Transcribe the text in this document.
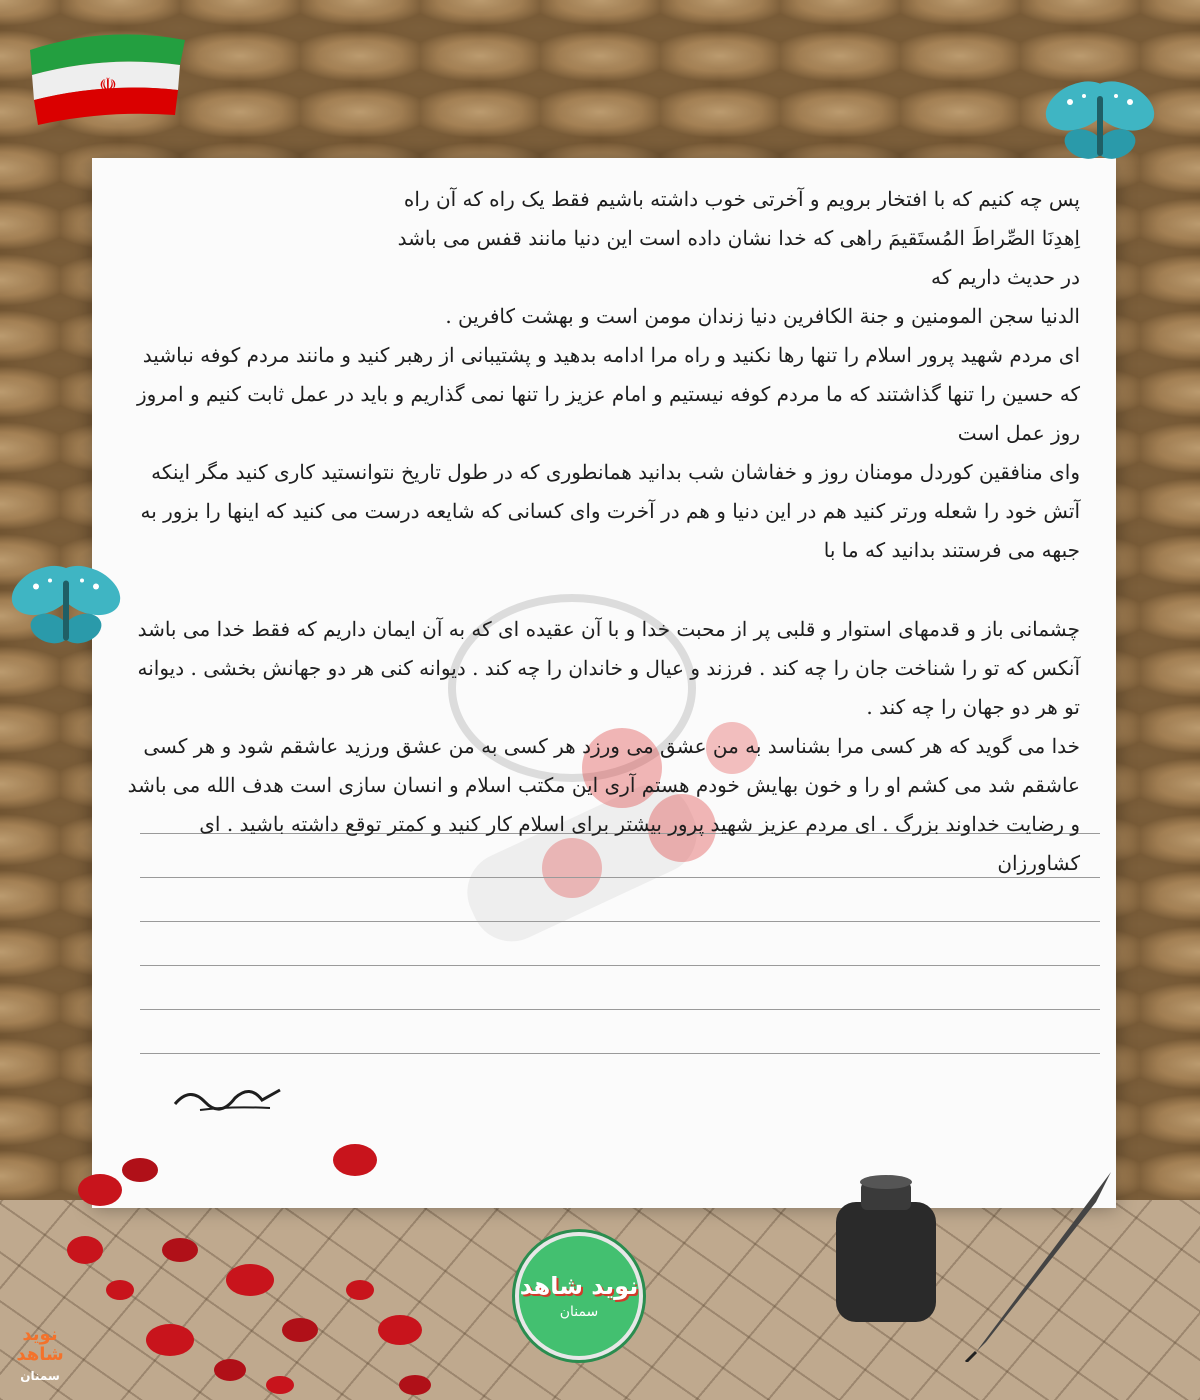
☫

پس چه کنیم که با افتخار برویم و آخرتی خوب داشته باشیم فقط یک راه که آن راه

اِهدِنَا الصِّراطَ المُستَقیمَ راهی که خدا نشان داده است این دنیا مانند قفس می باشد

در حدیث داریم که

الدنیا سجن المومنین و جنة الکافرین دنیا زندان مومن است و بهشت کافرین .

ای مردم شهید پرور اسلام را تنها رها نکنید و راه مرا ادامه بدهید و پشتیبانی از رهبر کنید و مانند مردم کوفه نباشید که حسین را تنها گذاشتند که ما مردم کوفه نیستیم و امام عزیز را تنها نمی گذاریم و باید در عمل ثابت کنیم و امروز روز عمل است

وای منافقین کوردل مومنان روز و خفاشان شب بدانید همانطوری که در طول تاریخ نتوانستید کاری کنید مگر اینکه آتش خود را شعله ورتر کنید هم در این دنیا و هم در آخرت وای کسانی که شایعه درست می کنید که اینها را بزور به جبهه می فرستند بدانید که ما با

چشمانی باز و قدمهای استوار و قلبی پر از محبت خدا و با آن عقیده ای که به آن ایمان داریم که فقط خدا می باشد آنکس که تو را شناخت جان را چه کند . فرزند و عیال و خاندان را چه کند . دیوانه کنی هر دو جهانش بخشی . دیوانه تو هر دو جهان را چه کند .

خدا می گوید که هر کسی مرا بشناسد به من عشق می ورزد هر کسی به من عشق ورزید عاشقم شود و هر کسی عاشقم شد می کشم او را و خون بهایش خودم هستم آری این مکتب اسلام و انسان سازی است هدف الله می باشد و رضایت خداوند بزرگ . ای مردم عزیز شهید پرور بیشتر برای اسلام کار کنید و کمتر توقع داشته باشید . ای کشاورزان

نوید شاهد
سمنان
نوید شاهد
سمنان
